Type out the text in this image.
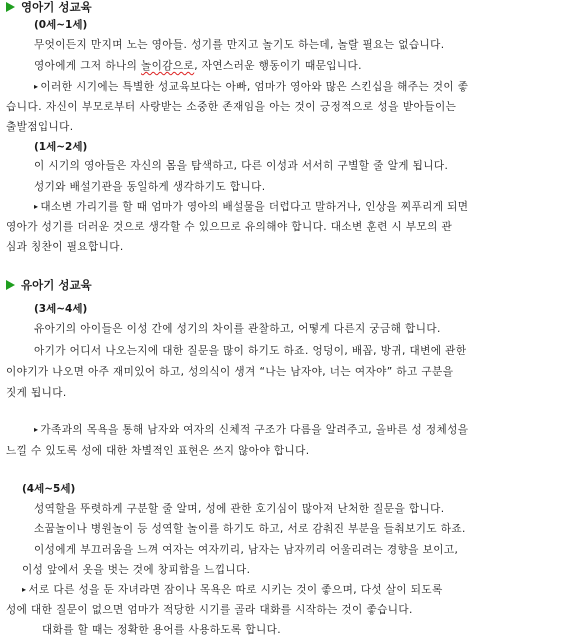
영아기 성교육
(0세~1세)
무엇이든지 만지며 노는 영아들. 성기를 만지고 놀기도 하는데, 놀랄 필요는 없습니다.
영아에게 그저 하나의 놀이감으로, 자연스러운 행동이기 때문입니다.
▸ 이러한 시기에는 특별한 성교육보다는 아빠, 엄마가 영아와 많은 스킨십을 해주는 것이 좋
습니다. 자신이 부모로부터 사랑받는 소중한 존재임을 아는 것이 긍정적으로 성을 받아들이는
출발점입니다.
(1세~2세)
이 시기의 영아들은 자신의 몸을 탐색하고, 다른 이성과 서서히 구별할 줄 알게 됩니다.
성기와 배설기관을 동일하게 생각하기도 합니다.
▸ 대소변 가리기를 할 때 엄마가 영아의 배설물을 더럽다고 말하거나, 인상을 찌푸리게 되면
영아가 성기를 더러운 것으로 생각할 수 있으므로 유의해야 합니다. 대소변 훈련 시 부모의 관
심과 칭찬이 필요합니다.
유아기 성교육
(3세~4세)
유아기의 아이들은 이성 간에 성기의 차이를 관찰하고, 어떻게 다른지 궁금해 합니다.
아기가 어디서 나오는지에 대한 질문을 많이 하기도 하죠. 엉덩이, 배꼽, 방귀, 대변에 관한
이야기가 나오면 아주 재미있어 하고, 성의식이 생겨 “나는 남자야, 너는 여자야” 하고 구분을
짓게 됩니다.
▸ 가족과의 목욕을 통해 남자와 여자의 신체적 구조가 다름을 알려주고, 올바른 성 정체성을
느낄 수 있도록 성에 대한 차별적인 표현은 쓰지 않아야 합니다.
(4세~5세)
성역할을 뚜렷하게 구분할 줄 알며, 성에 관한 호기심이 많아져 난처한 질문을 합니다.
소꿉놀이나 병원놀이 등 성역할 놀이를 하기도 하고, 서로 감춰진 부분을 들춰보기도 하죠.
이성에게 부끄러움을 느껴 여자는 여자끼리, 남자는 남자끼리 어울리려는 경향을 보이고,
이성 앞에서 옷을 벗는 것에 창피함을 느낍니다.
▸ 서로 다른 성을 둔 자녀라면 잠이나 목욕은 따로 시키는 것이 좋으며, 다섯 살이 되도록
성에 대한 질문이 없으면 엄마가 적당한 시기를 골라 대화를 시작하는 것이 좋습니다.
대화를 할 때는 정확한 용어를 사용하도록 합니다.
